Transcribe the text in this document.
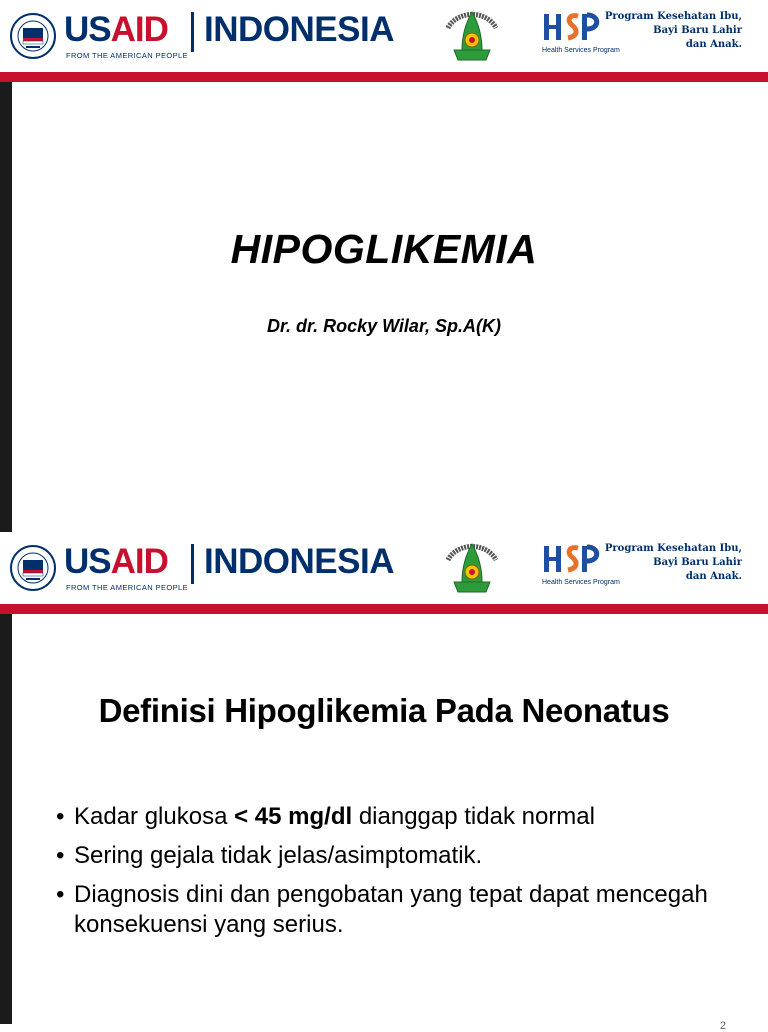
USAID
FROM THE AMERICAN PEOPLE
INDONESIA
Health Services Program
Program Kesehatan Ibu,
Bayi Baru Lahir
dan Anak.
HIPOGLIKEMIA
Dr. dr. Rocky Wilar, Sp.A(K)
USAID
FROM THE AMERICAN PEOPLE
INDONESIA
Health Services Program
Program Kesehatan Ibu,
Bayi Baru Lahir
dan Anak.
Definisi Hipoglikemia Pada Neonatus
• Kadar glukosa < 45 mg/dl dianggap tidak normal
• Sering gejala tidak jelas/asimptomatik.
• Diagnosis dini dan pengobatan yang tepat dapat mencegah konsekuensi yang serius.
2
